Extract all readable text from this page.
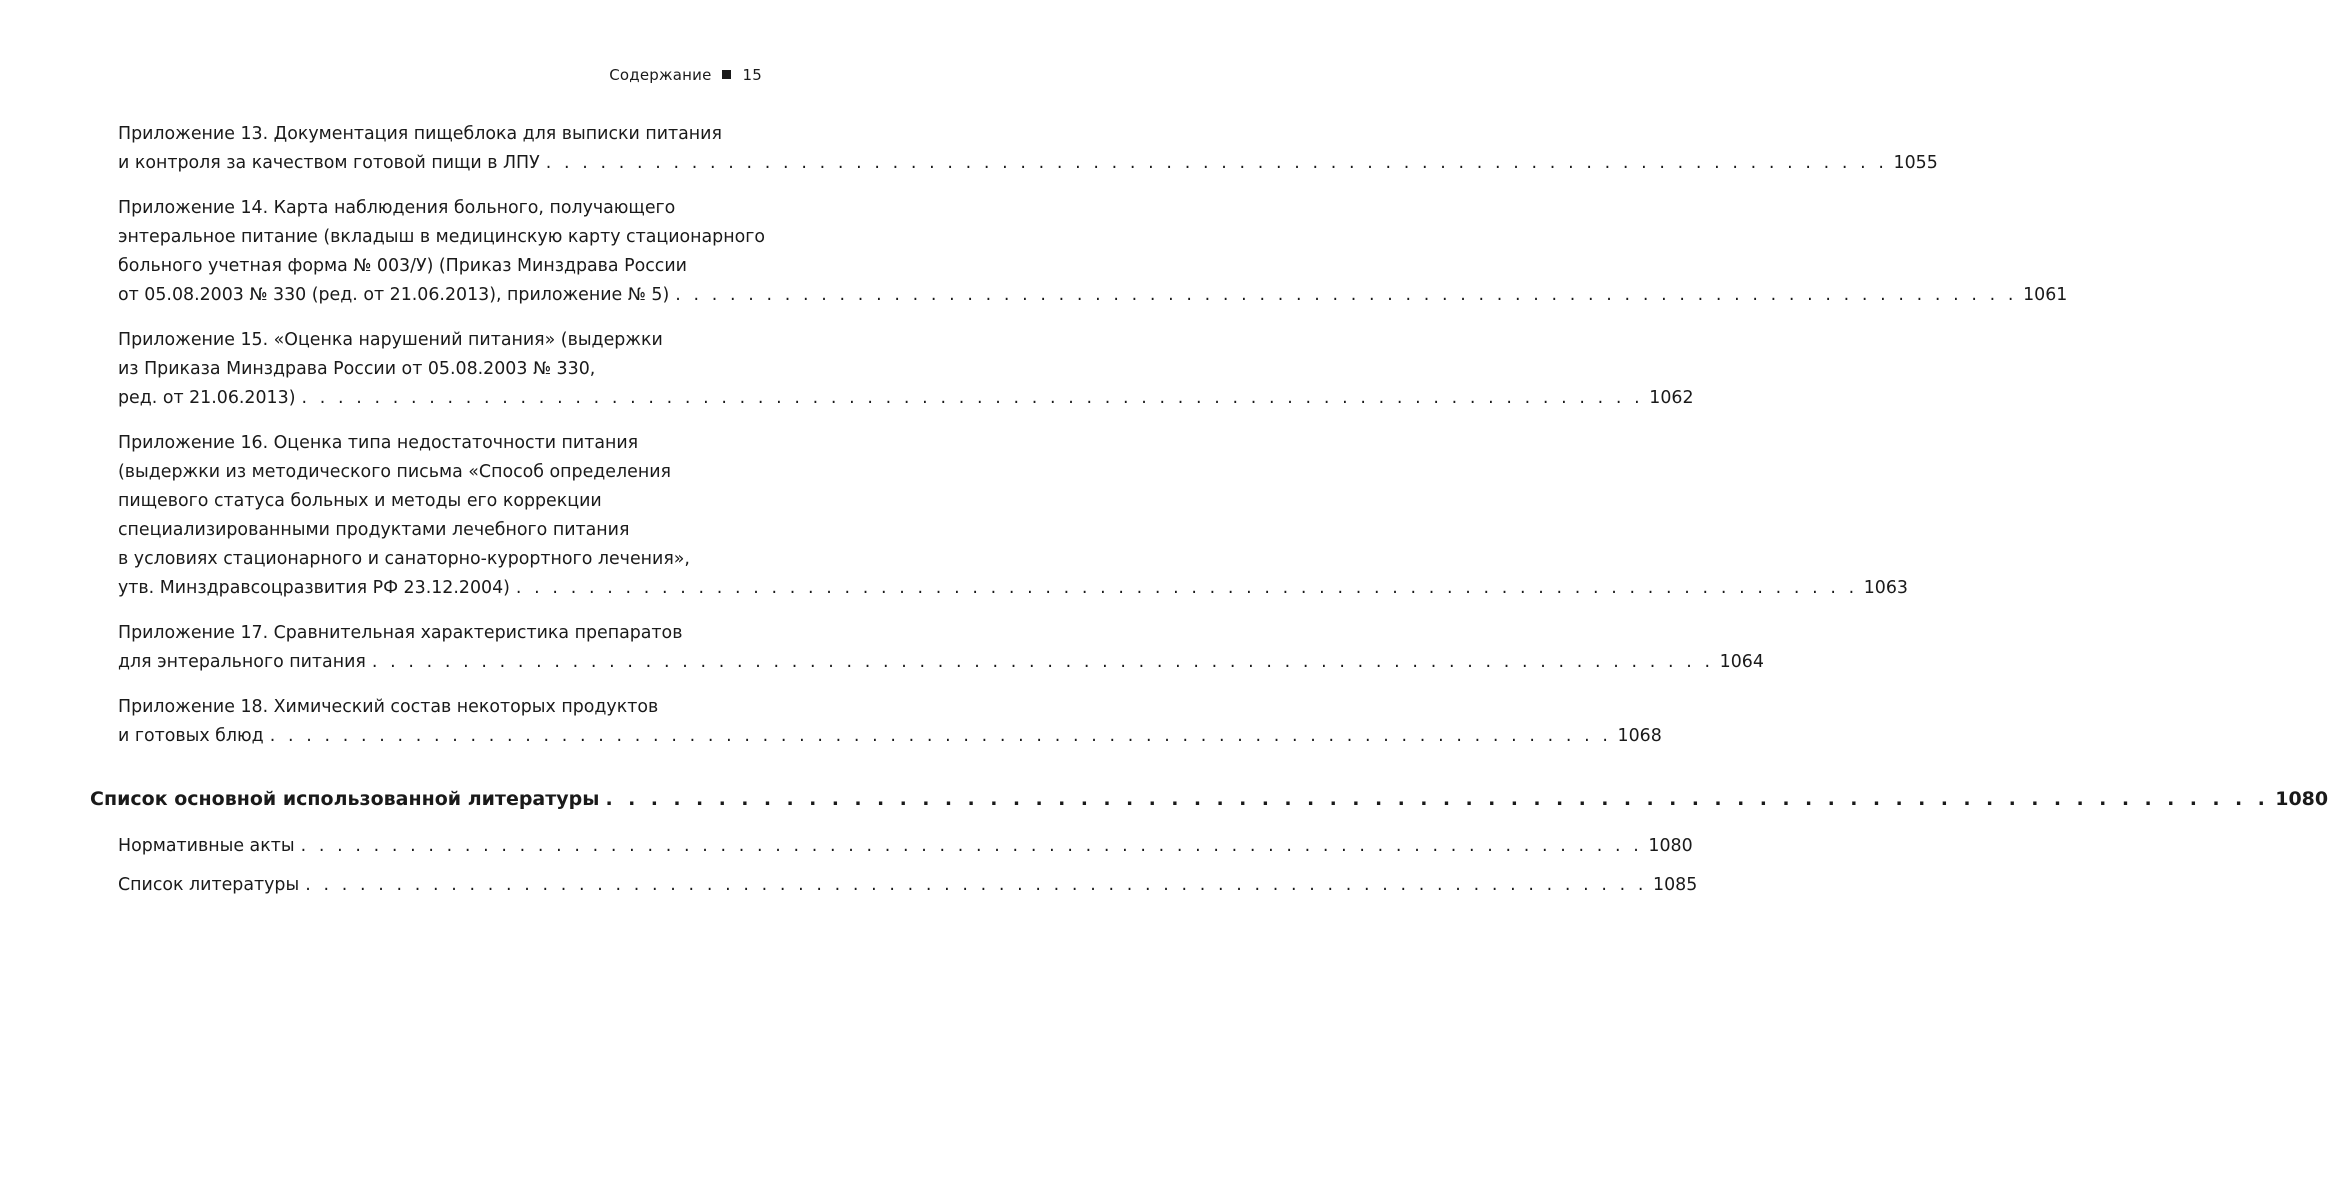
Содержание 15
Приложение 13. Документация пищеблока для выписки питания
и контроля за качеством готовой пищи в ЛПУ . . . . . . . . . . . . . . . . . . . . . . . . . . . . . . . . . . . . . . . . . . . . . . . . . . . . . . . . . . . . . . . . . . . . . . . . . . 1055
Приложение 14. Карта наблюдения больного, получающего
энтеральное питание (вкладыш в медицинскую карту стационарного
больного учетная форма № 003/У) (Приказ Минздрава России
от 05.08.2003 № 330 (ред. от 21.06.2013), приложение № 5) . . . . . . . . . . . . . . . . . . . . . . . . . . . . . . . . . . . . . . . . . . . . . . . . . . . . . . . . . . . . . . . . . . . . . . . . . . 1061
Приложение 15. «Оценка нарушений питания» (выдержки
из Приказа Минздрава России от 05.08.2003 № 330,
ред. от 21.06.2013) . . . . . . . . . . . . . . . . . . . . . . . . . . . . . . . . . . . . . . . . . . . . . . . . . . . . . . . . . . . . . . . . . . . . . . . . . . 1062
Приложение 16. Оценка типа недостаточности питания
(выдержки из методического письма «Способ определения
пищевого статуса больных и методы его коррекции
специализированными продуктами лечебного питания
в условиях стационарного и санаторно-курортного лечения»,
утв. Минздравсоцразвития РФ 23.12.2004) . . . . . . . . . . . . . . . . . . . . . . . . . . . . . . . . . . . . . . . . . . . . . . . . . . . . . . . . . . . . . . . . . . . . . . . . . . 1063
Приложение 17. Сравнительная характеристика препаратов
для энтерального питания . . . . . . . . . . . . . . . . . . . . . . . . . . . . . . . . . . . . . . . . . . . . . . . . . . . . . . . . . . . . . . . . . . . . . . . . . . 1064
Приложение 18. Химический состав некоторых продуктов
и готовых блюд . . . . . . . . . . . . . . . . . . . . . . . . . . . . . . . . . . . . . . . . . . . . . . . . . . . . . . . . . . . . . . . . . . . . . . . . . . 1068
Список основной использованной литературы . . . . . . . . . . . . . . . . . . . . . . . . . . . . . . . . . . . . . . . . . . . . . . . . . . . . . . . . . . . . . . . . . . . . . . . . . . 1080
Нормативные акты . . . . . . . . . . . . . . . . . . . . . . . . . . . . . . . . . . . . . . . . . . . . . . . . . . . . . . . . . . . . . . . . . . . . . . . . . . 1080
Список литературы . . . . . . . . . . . . . . . . . . . . . . . . . . . . . . . . . . . . . . . . . . . . . . . . . . . . . . . . . . . . . . . . . . . . . . . . . . 1085
